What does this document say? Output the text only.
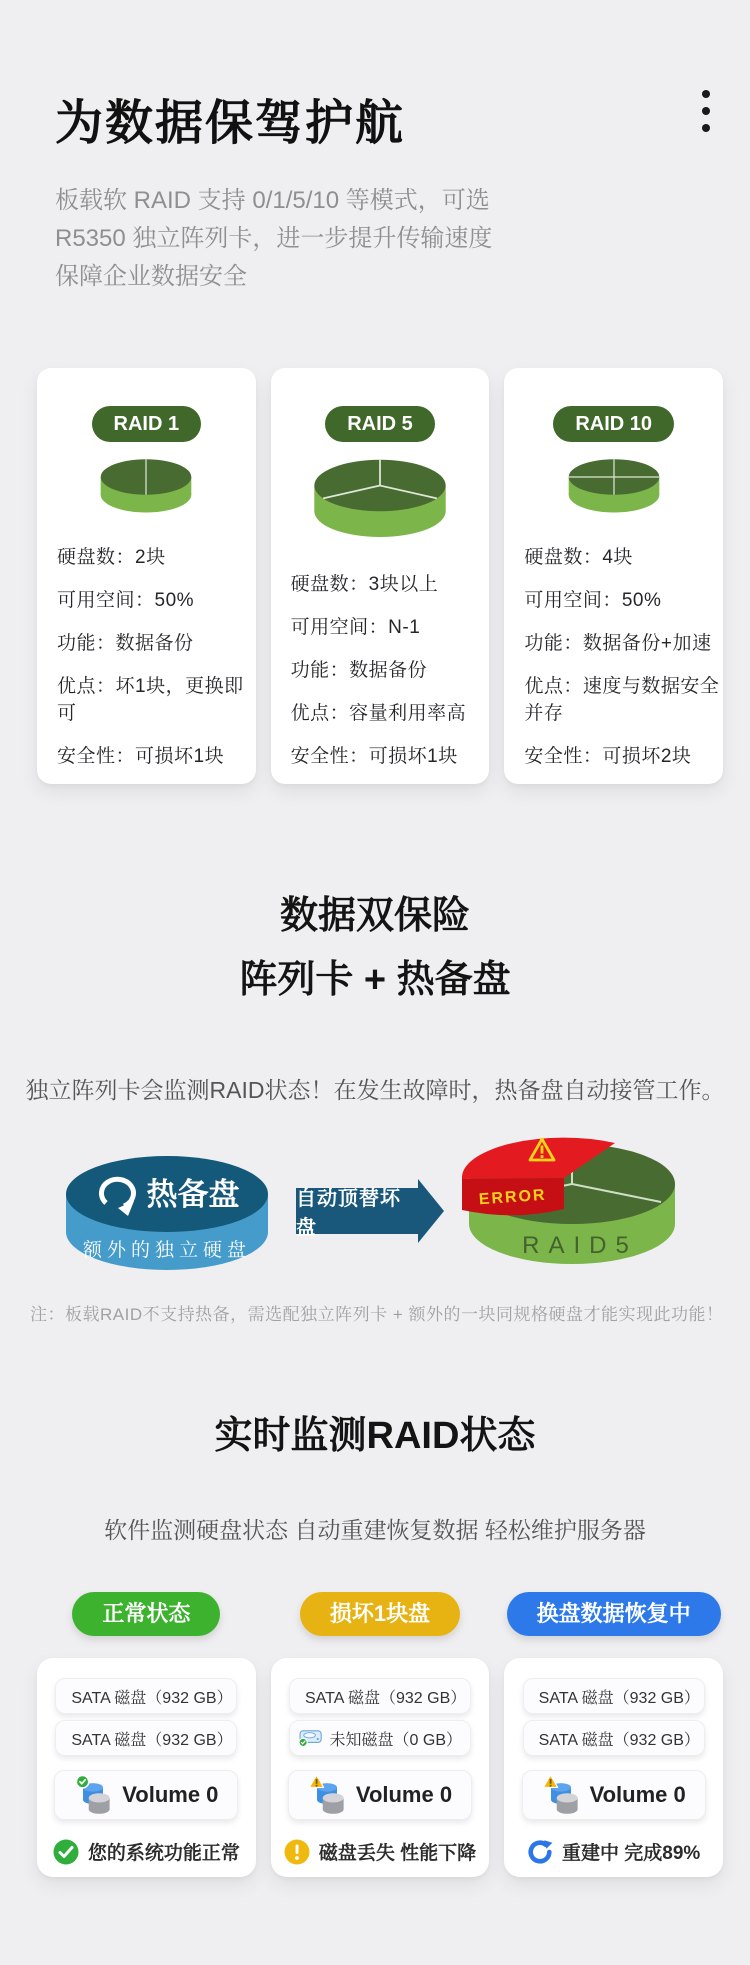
为数据保驾护航
板载软 RAID 支持 0/1/5/10 等模式，可选
R5350 独立阵列卡，进一步提升传输速度
保障企业数据安全
RAID 1
硬盘数：2块
可用空间：50%
功能：数据备份
优点：坏1块，更换即可
安全性：可损坏1块
RAID 5
硬盘数：3块以上
可用空间：N-1
功能：数据备份
优点：容量利用率高
安全性：可损坏1块
RAID 10
硬盘数：4块
可用空间：50%
功能：数据备份+加速
优点：速度与数据安全并存
安全性：可损坏2块
数据双保险
阵列卡 + 热备盘
独立阵列卡会监测RAID状态！在发生故障时，热备盘自动接管工作。
热备盘
额外的独立硬盘
自动顶替坏盘
RAID5
ERROR
注：板载RAID不支持热备，需选配独立阵列卡 + 额外的一块同规格硬盘才能实现此功能！
实时监测RAID状态
软件监测硬盘状态 自动重建恢复数据 轻松维护服务器
正常状态	损坏1块盘	换盘数据恢复中
SATA 磁盘（932 GB）
SATA 磁盘（932 GB）
Volume 0
您的系统功能正常
SATA 磁盘（932 GB）
未知磁盘（0 GB）
Volume 0
磁盘丢失 性能下降
SATA 磁盘（932 GB）
SATA 磁盘（932 GB）
Volume 0
重建中 完成89%
